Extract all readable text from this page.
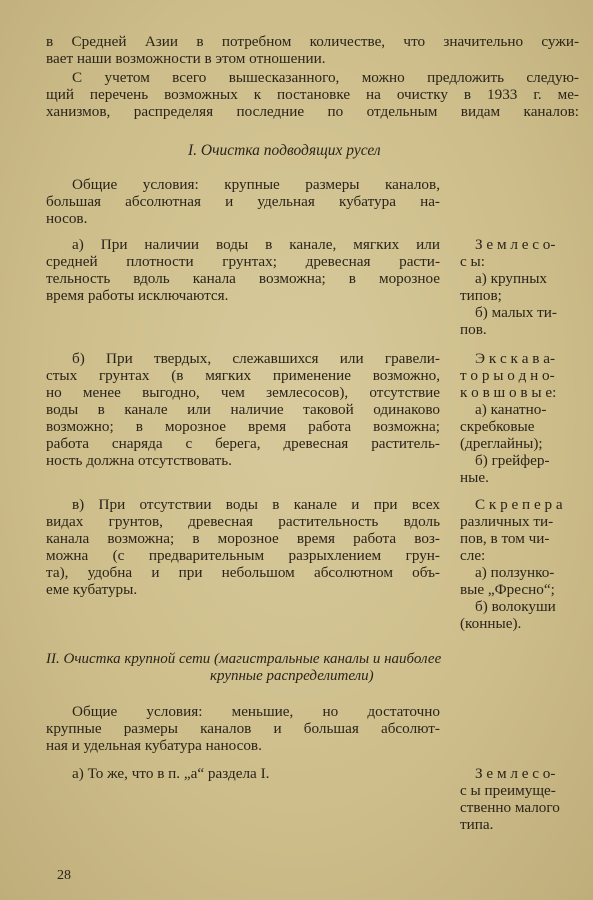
в Средней Азии в потребном количестве, что значительно сужи-
вает наши возможности в этом отношении.
С учетом всего вышесказанного, можно предложить следую-
щий перечень возможных к постановке на очистку в 1933 г. ме-
ханизмов, распределяя последние по отдельным видам каналов:
I. Очистка подводящих русел
Общие условия: крупные размеры каналов,
большая абсолютная и удельная кубатура на-
носов.
а) При наличии воды в канале, мягких или
средней плотности грунтах; древесная расти-
тельность вдоль канала возможна; в морозное
время работы исключаются.
З е м л е с о-
с ы:
а) крупных
типов;
б) малых ти-
пов.
б) При твердых, слежавшихся или гравели-
стых грунтах (в мягких применение возможно,
но менее выгодно, чем землесосов), отсутствие
воды в канале или наличие таковой одинаково
возможно; в морозное время работа возможна;
работа снаряда с берега, древесная раститель-
ность должна отсутствовать.
Э к с к а в а-
т о р ы о д н о-
к о в ш о в ы е:
а) канатно-
скребковые
(дреглайны);
б) грейфер-
ные.
в) При отсутствии воды в канале и при всех
видах грунтов, древесная растительность вдоль
канала возможна; в морозное время работа воз-
можна (с предварительным разрыхлением грун-
та), удобна и при небольшом абсолютном объ-
еме кубатуры.
С к р е п е р а
различных ти-
пов, в том чи-
сле:
а) ползунко-
вые „Фресно“;
б) волокуши
(конные).
II. Очистка крупной сети (магистральные каналы и наиболее
крупные распределители)
Общие условия: меньшие, но достаточно
крупные размеры каналов и большая абсолют-
ная и удельная кубатура наносов.
а) То же, что в п. „а“ раздела I.	З е м л е с о-
с ы преимуще-
ственно малого
типа.
28
